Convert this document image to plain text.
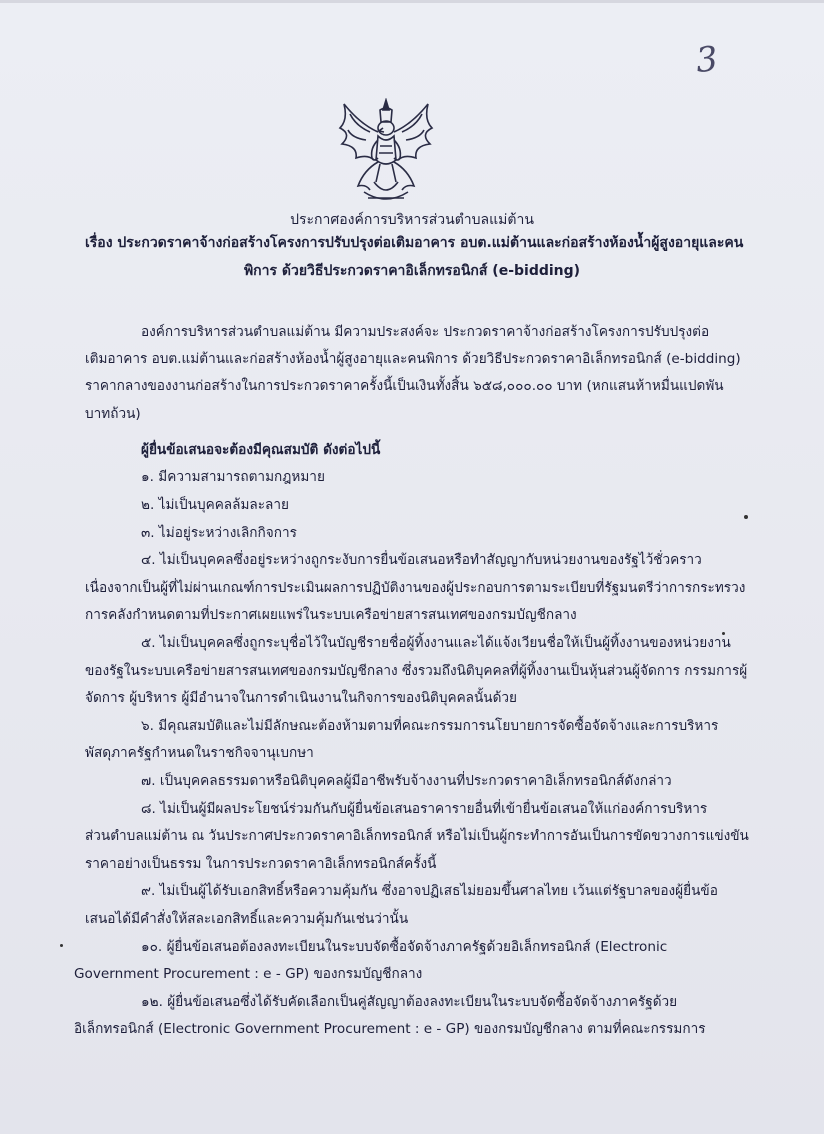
3
ประกาศองค์การบริหารส่วนตำบลแม่ต้าน
เรื่อง ประกวดราคาจ้างก่อสร้างโครงการปรับปรุงต่อเติมอาคาร อบต.แม่ต้านและก่อสร้างห้องน้ำผู้สูงอายุและคน
พิการ ด้วยวิธีประกวดราคาอิเล็กทรอนิกส์ (e-bidding)
องค์การบริหารส่วนตำบลแม่ต้าน มีความประสงค์จะ ประกวดราคาจ้างก่อสร้างโครงการปรับปรุงต่อ
เติมอาคาร อบต.แม่ต้านและก่อสร้างห้องน้ำผู้สูงอายุและคนพิการ ด้วยวิธีประกวดราคาอิเล็กทรอนิกส์ (e-bidding)
ราคากลางของงานก่อสร้างในการประกวดราคาครั้งนี้เป็นเงินทั้งสิ้น ๖๕๘,๐๐๐.๐๐ บาท (หกแสนห้าหมื่นแปดพัน
บาทถ้วน)
ผู้ยื่นข้อเสนอจะต้องมีคุณสมบัติ ดังต่อไปนี้
๑. มีความสามารถตามกฎหมาย
๒. ไม่เป็นบุคคลล้มละลาย
๓. ไม่อยู่ระหว่างเลิกกิจการ
๔. ไม่เป็นบุคคลซึ่งอยู่ระหว่างถูกระงับการยื่นข้อเสนอหรือทำสัญญากับหน่วยงานของรัฐไว้ชั่วคราว
เนื่องจากเป็นผู้ที่ไม่ผ่านเกณฑ์การประเมินผลการปฏิบัติงานของผู้ประกอบการตามระเบียบที่รัฐมนตรีว่าการกระทรวง
การคลังกำหนดตามที่ประกาศเผยแพร่ในระบบเครือข่ายสารสนเทศของกรมบัญชีกลาง
๕. ไม่เป็นบุคคลซึ่งถูกระบุชื่อไว้ในบัญชีรายชื่อผู้ทิ้งงานและได้แจ้งเวียนชื่อให้เป็นผู้ทิ้งงานของหน่วยงาน
ของรัฐในระบบเครือข่ายสารสนเทศของกรมบัญชีกลาง ซึ่งรวมถึงนิติบุคคลที่ผู้ทิ้งงานเป็นหุ้นส่วนผู้จัดการ กรรมการผู้
จัดการ ผู้บริหาร ผู้มีอำนาจในการดำเนินงานในกิจการของนิติบุคคลนั้นด้วย
๖. มีคุณสมบัติและไม่มีลักษณะต้องห้ามตามที่คณะกรรมการนโยบายการจัดซื้อจัดจ้างและการบริหาร
พัสดุภาครัฐกำหนดในราชกิจจานุเบกษา
๗. เป็นบุคคลธรรมดาหรือนิติบุคคลผู้มีอาชีพรับจ้างงานที่ประกวดราคาอิเล็กทรอนิกส์ดังกล่าว
๘. ไม่เป็นผู้มีผลประโยชน์ร่วมกันกับผู้ยื่นข้อเสนอราคารายอื่นที่เข้ายื่นข้อเสนอให้แก่องค์การบริหาร
ส่วนตำบลแม่ต้าน ณ วันประกาศประกวดราคาอิเล็กทรอนิกส์ หรือไม่เป็นผู้กระทำการอันเป็นการขัดขวางการแข่งขัน
ราคาอย่างเป็นธรรม ในการประกวดราคาอิเล็กทรอนิกส์ครั้งนี้
๙. ไม่เป็นผู้ได้รับเอกสิทธิ์หรือความคุ้มกัน ซึ่งอาจปฏิเสธไม่ยอมขึ้นศาลไทย เว้นแต่รัฐบาลของผู้ยื่นข้อ
เสนอได้มีคำสั่งให้สละเอกสิทธิ์และความคุ้มกันเช่นว่านั้น
๑๐. ผู้ยื่นข้อเสนอต้องลงทะเบียนในระบบจัดซื้อจัดจ้างภาครัฐด้วยอิเล็กทรอนิกส์ (Electronic
Government Procurement : e - GP) ของกรมบัญชีกลาง
๑๒. ผู้ยื่นข้อเสนอซึ่งได้รับคัดเลือกเป็นคู่สัญญาต้องลงทะเบียนในระบบจัดซื้อจัดจ้างภาครัฐด้วย
อิเล็กทรอนิกส์ (Electronic Government Procurement : e - GP) ของกรมบัญชีกลาง ตามที่คณะกรรมการ
